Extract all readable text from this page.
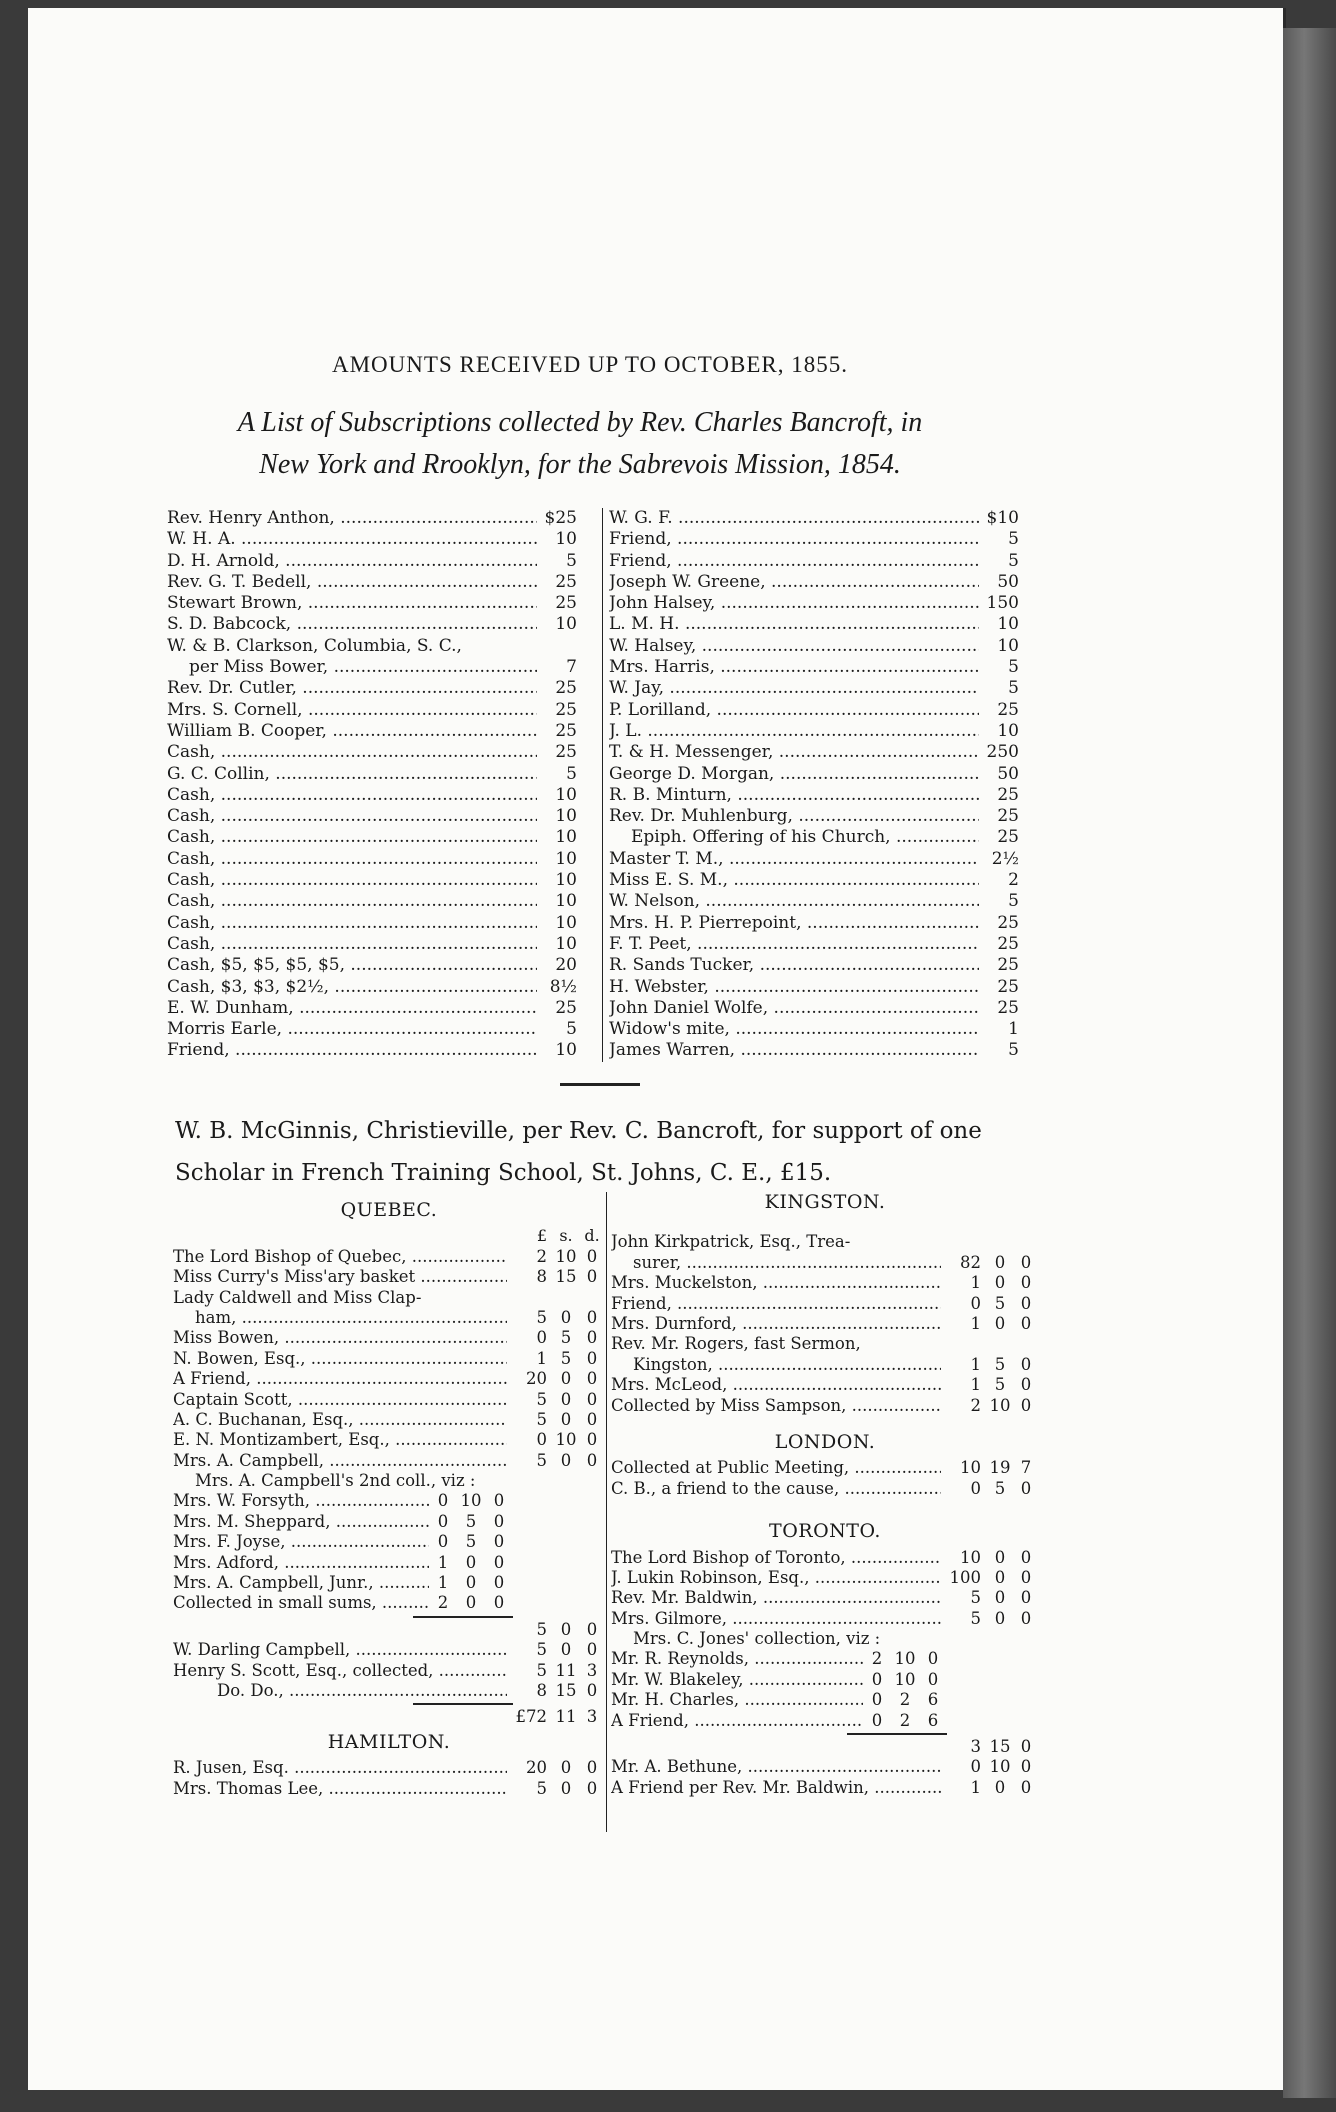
AMOUNTS RECEIVED UP TO OCTOBER, 1855.
A List of Subscriptions collected by Rev. Charles Bancroft, in
New York and Rrooklyn, for the Sabrevois Mission, 1854.
Rev. Henry Anthon, .....	$25
W. H. A. .....	10
D. H. Arnold, .....	5
Rev. G. T. Bedell, .....	25
Stewart Brown, .....	25
S. D. Babcock, .....	10
W. & B. Clarkson, Columbia, S. C.,
per Miss Bower, .....	7
Rev. Dr. Cutler, .....	25
Mrs. S. Cornell, .....	25
William B. Cooper, .....	25
Cash, .....	25
G. C. Collin, .....	5
Cash, .....	10
Cash, .....	10
Cash, .....	10
Cash, .....	10
Cash, .....	10
Cash, .....	10
Cash, .....	10
Cash, .....	10
Cash, $5, $5, $5, $5, .....	20
Cash, $3, $3, $2½, .....	8½
E. W. Dunham, .....	25
Morris Earle, .....	5
Friend, .....	10
W. G. F. .....	$10
Friend, .....	5
Friend, .....	5
Joseph W. Greene, .....	50
John Halsey, .....	150
L. M. H. .....	10
W. Halsey, .....	10
Mrs. Harris, .....	5
W. Jay, .....	5
P. Lorilland, .....	25
J. L. .....	10
T. & H. Messenger, .....	250
George D. Morgan, .....	50
R. B. Minturn, .....	25
Rev. Dr. Muhlenburg, .....	25
Epiph. Offering of his Church, .....	25
Master T. M., .....	2½
Miss E. S. M., .....	2
W. Nelson, .....	5
Mrs. H. P. Pierrepoint, .....	25
F. T. Peet, .....	25
R. Sands Tucker, .....	25
H. Webster, .....	25
John Daniel Wolfe, .....	25
Widow's mite, .....	1
James Warren, .....	5
W. B. McGinnis, Christieville, per Rev. C. Bancroft, for support of one
Scholar in French Training School, St. Johns, C. E., £15.
QUEBEC.
£ s. d.
The Lord Bishop of Quebec, .....	2 10 0
Miss Curry's Miss'ary basket .....	8 15 0
Lady Caldwell and Miss Clap-
ham, .....	5 0 0
Miss Bowen, .....	0 5 0
N. Bowen, Esq., .....	1 5 0
A Friend, .....	20 0 0
Captain Scott, .....	5 0 0
A. C. Buchanan, Esq., .....	5 0 0
E. N. Montizambert, Esq., .....	0 10 0
Mrs. A. Campbell, .....	5 0 0
Mrs. A. Campbell's 2nd coll., viz :
Mrs. W. Forsyth, .....	0 10 0
Mrs. M. Sheppard, .....	0	5	0
Mrs. F. Joyse, .....	0	5	0
Mrs. Adford, .....	1	0	0
Mrs. A. Campbell, Junr., .....	1	0	0
Collected in small sums, .....	2	0	0
5 0 0
W. Darling Campbell, .....	5 0 0
Henry S. Scott, Esq., collected, .....	5 11 3
Do. Do., .....	8 15 0
£72 11 3
HAMILTON.
R. Jusen, Esq. .....	20 0 0
Mrs. Thomas Lee, .....	5 0 0
KINGSTON.
John Kirkpatrick, Esq., Trea-
surer, .....	82 0 0
Mrs. Muckelston, .....	1 0 0
Friend, .....	0 5 0
Mrs. Durnford, .....	1 0 0
Rev. Mr. Rogers, fast Sermon,
Kingston, .....	1 5 0
Mrs. McLeod, .....	1 5 0
Collected by Miss Sampson, .....	2 10 0
LONDON.
Collected at Public Meeting, .....	10 19 7
C. B., a friend to the cause, .....	0 5 0
TORONTO.
The Lord Bishop of Toronto, .....	10 0 0
J. Lukin Robinson, Esq., .....	100 0 0
Rev. Mr. Baldwin, .....	5 0 0
Mrs. Gilmore, .....	5 0 0
Mrs. C. Jones' collection, viz :
Mr. R. Reynolds, .....	2 10 0
Mr. W. Blakeley, .....	0 10 0
Mr. H. Charles, .....	0	2	6
A Friend, .....	0	2	6
3 15 0
Mr. A. Bethune, .....	0 10 0
A Friend per Rev. Mr. Baldwin, .....	1 0 0
